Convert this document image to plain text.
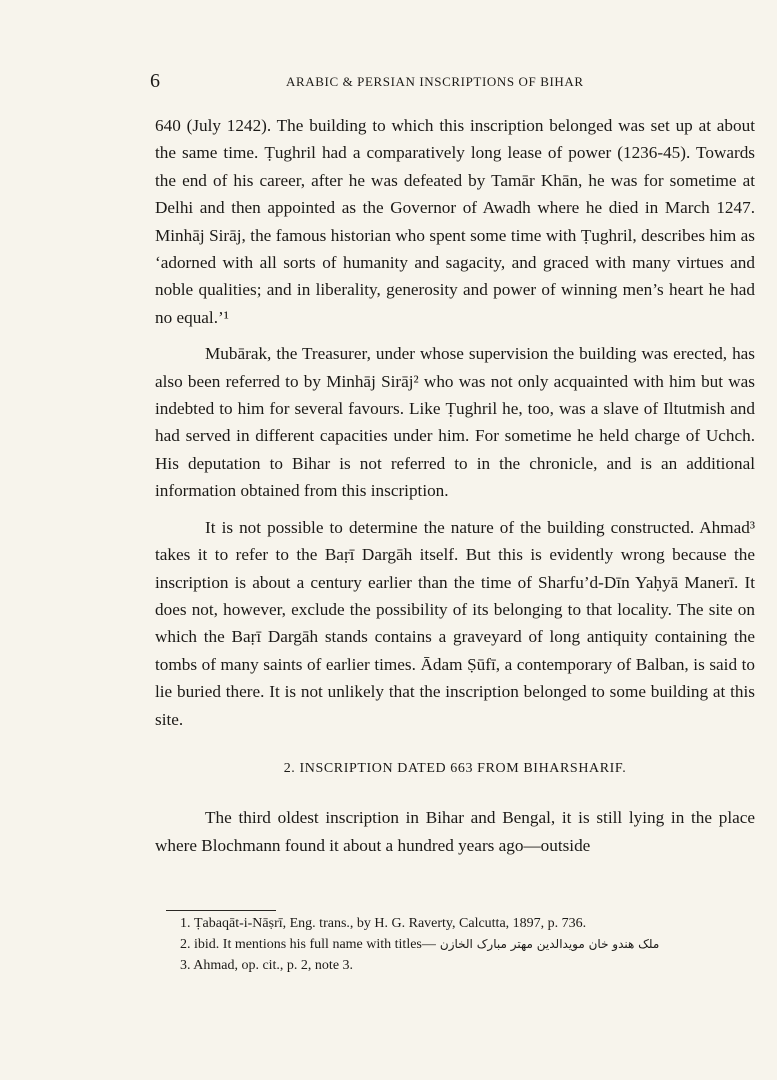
6	ARABIC & PERSIAN INSCRIPTIONS OF BIHAR

640 (July 1242). The building to which this inscription belonged was set up at about the same time. Ṭughril had a comparatively long lease of power (1236-45). Towards the end of his career, after he was defeated by Tamār Khān, he was for sometime at Delhi and then appointed as the Governor of Awadh where he died in March 1247. Minhāj Sirāj, the famous historian who spent some time with Ṭughril, describes him as ‘adorned with all sorts of humanity and sagacity, and graced with many virtues and noble qualities; and in liberality, generosity and power of winning men’s heart he had no equal.’¹

Mubārak, the Treasurer, under whose supervision the building was erected, has also been referred to by Minhāj Sirāj² who was not only acquainted with him but was indebted to him for several favours. Like Ṭughril he, too, was a slave of Iltutmish and had served in different capacities under him. For sometime he held charge of Uchch. His deputation to Bihar is not referred to in the chronicle, and is an additional information obtained from this inscription.

It is not possible to determine the nature of the building constructed. Ahmad³ takes it to refer to the Baṛī Dargāh itself. But this is evidently wrong because the inscription is about a century earlier than the time of Sharfu’d-Dīn Yaḥyā Manerī. It does not, however, exclude the possibility of its belonging to that locality. The site on which the Baṛī Dargāh stands contains a graveyard of long antiquity containing the tombs of many saints of earlier times. Ādam Ṣūfī, a contemporary of Balban, is said to lie buried there. It is not unlikely that the inscription belonged to some building at this site.

2. INSCRIPTION DATED 663 FROM BIHARSHARIF.

The third oldest inscription in Bihar and Bengal, it is still lying in the place where Blochmann found it about a hundred years ago—outside

1. Ṭabaqāt-i-Nāṣrī, Eng. trans., by H. G. Raverty, Calcutta, 1897, p. 736.
2. ibid. It mentions his full name with titles— ملک هندو خان مویدالدین مهتر مبارک الخازن
3. Ahmad, op. cit., p. 2, note 3.
